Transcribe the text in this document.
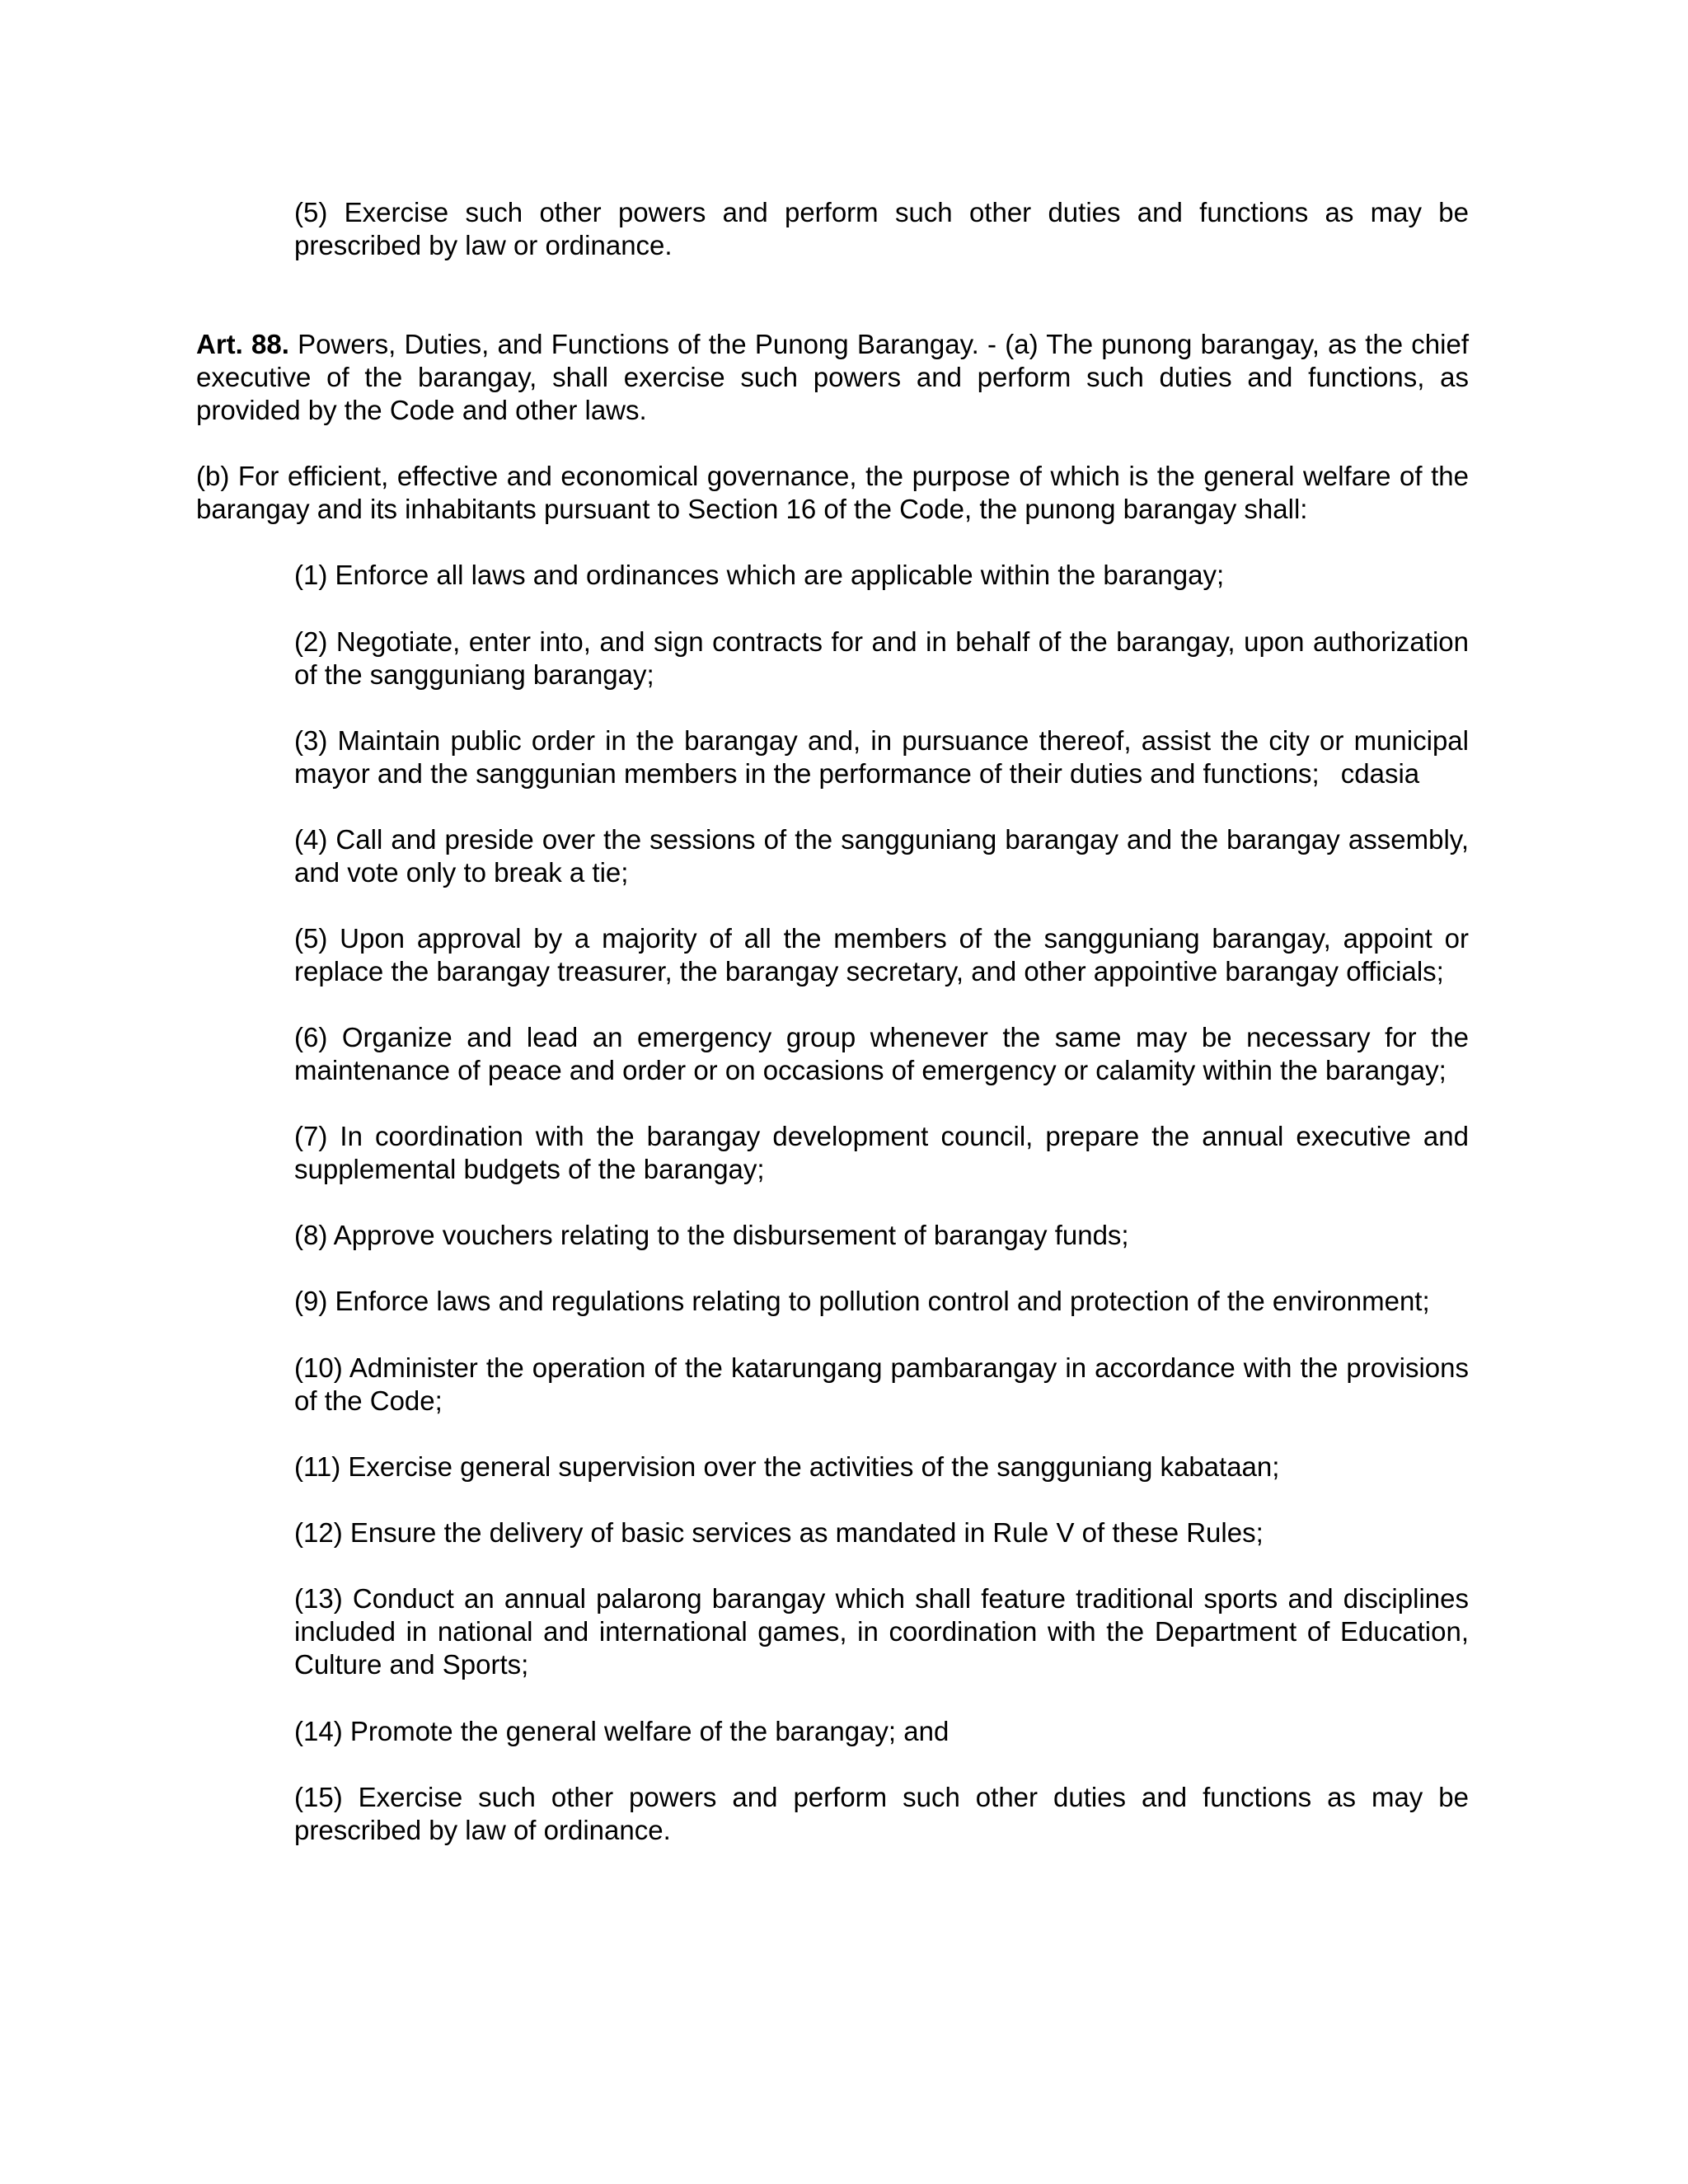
(5) Exercise such other powers and perform such other duties and functions as may be prescribed by law or ordinance.

Art. 88. Powers, Duties, and Functions of the Punong Barangay. - (a) The punong barangay, as the chief executive of the barangay, shall exercise such powers and perform such duties and functions, as provided by the Code and other laws.

(b) For efficient, effective and economical governance, the purpose of which is the general welfare of the barangay and its inhabitants pursuant to Section 16 of the Code, the punong barangay shall:

(1) Enforce all laws and ordinances which are applicable within the barangay;

(2) Negotiate, enter into, and sign contracts for and in behalf of the barangay, upon authorization of the sangguniang barangay;

(3) Maintain public order in the barangay and, in pursuance thereof, assist the city or municipal mayor and the sanggunian members in the performance of their duties and functions; cdasia

(4) Call and preside over the sessions of the sangguniang barangay and the barangay assembly, and vote only to break a tie;

(5) Upon approval by a majority of all the members of the sangguniang barangay, appoint or replace the barangay treasurer, the barangay secretary, and other appointive barangay officials;

(6) Organize and lead an emergency group whenever the same may be necessary for the maintenance of peace and order or on occasions of emergency or calamity within the barangay;

(7) In coordination with the barangay development council, prepare the annual executive and supplemental budgets of the barangay;

(8) Approve vouchers relating to the disbursement of barangay funds;

(9) Enforce laws and regulations relating to pollution control and protection of the environment;

(10) Administer the operation of the katarungang pambarangay in accordance with the provisions of the Code;

(11) Exercise general supervision over the activities of the sangguniang kabataan;

(12) Ensure the delivery of basic services as mandated in Rule V of these Rules;

(13) Conduct an annual palarong barangay which shall feature traditional sports and disciplines included in national and international games, in coordination with the Department of Education, Culture and Sports;

(14) Promote the general welfare of the barangay; and

(15) Exercise such other powers and perform such other duties and functions as may be prescribed by law of ordinance.
